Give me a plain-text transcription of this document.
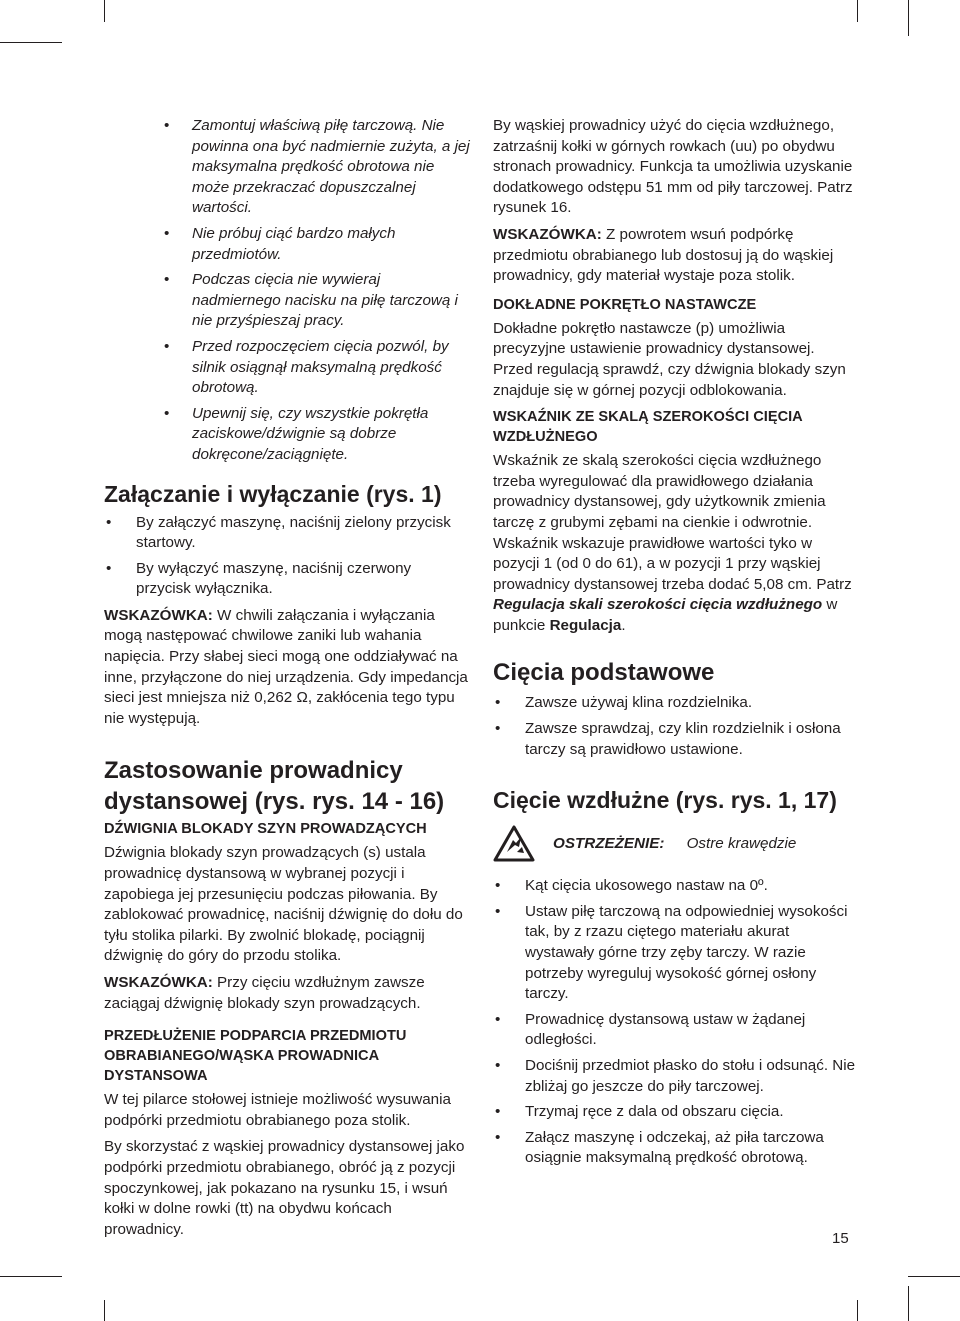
• Zamontuj właściwą piłę tarczową. Nie powinna ona być nadmiernie zużyta, a jej maksymalna prędkość obrotowa nie może przekraczać dopuszczalnej wartości.
• Nie próbuj ciąć bardzo małych przedmiotów.
• Podczas cięcia nie wywieraj nadmiernego nacisku na piłę tarczową i nie przyśpieszaj pracy.
• Przed rozpoczęciem cięcia pozwól, by silnik osiągnął maksymalną prędkość obrotową.
• Upewnij się, czy wszystkie pokrętła zaciskowe/dźwignie są dobrze dokręcone/zaciągnięte.
Załączanie i wyłączanie (rys. 1)
• By załączyć maszynę, naciśnij zielony przycisk startowy.
• By wyłączyć maszynę, naciśnij czerwony przycisk wyłącznika.

WSKAZÓWKA: W chwili załączania i wyłączania mogą następować chwilowe zaniki lub wahania napięcia. Przy słabej sieci mogą one oddziaływać na inne, przyłączone do niej urządzenia. Gdy impedancja sieci jest mniejsza niż 0,262 Ω, zakłócenia tego typu nie występują.

Zastosowanie prowadnicy dystansowej (rys. rys. 14 - 16)
DŹWIGNIA BLOKADY SZYN PROWADZĄCYCH

Dźwignia blokady szyn prowadzących (s) ustala prowadnicę dystansową w wybranej pozycji i zapobiega jej przesunięciu podczas piłowania. By zablokować prowadnicę, naciśnij dźwignię do dołu do tyłu stolika pilarki. By zwolnić blokadę, pociągnij dźwignię do góry do przodu stolika.

WSKAZÓWKA: Przy cięciu wzdłużnym zawsze zaciągaj dźwignię blokady szyn prowadzących.

PRZEDŁUŻENIE PODPARCIA PRZEDMIOTU OBRABIANEGO/WĄSKA PROWADNICA DYSTANSOWA

W tej pilarce stołowej istnieje możliwość wysuwania podpórki przedmiotu obrabianego poza stolik.

By skorzystać z wąskiej prowadnicy dystansowej jako podpórki przedmiotu obrabianego, obróć ją z pozycji spoczynkowej, jak pokazano na rysunku 15, i wsuń kołki w dolne rowki (tt) na obydwu końcach prowadnicy.

By wąskiej prowadnicy użyć do cięcia wzdłużnego, zatrzaśnij kołki w górnych rowkach (uu) po obydwu stronach prowadnicy. Funkcja ta umożliwia uzyskanie dodatkowego odstępu 51 mm od piły tarczowej. Patrz rysunek 16.

WSKAZÓWKA: Z powrotem wsuń podpórkę przedmiotu obrabianego lub dostosuj ją do wąskiej prowadnicy, gdy materiał wystaje poza stolik.

DOKŁADNE POKRĘTŁO NASTAWCZE

Dokładne pokrętło nastawcze (p) umożliwia precyzyjne ustawienie prowadnicy dystansowej. Przed regulacją sprawdź, czy dźwignia blokady szyn znajduje się w górnej pozycji odblokowania.

WSKAŹNIK ZE SKALĄ SZEROKOŚCI CIĘCIA WZDŁUŻNEGO

Wskaźnik ze skalą szerokości cięcia wzdłużnego trzeba wyregulować dla prawidłowego działania prowadnicy dystansowej, gdy użytkownik zmienia tarczę z grubymi zębami na cienkie i odwrotnie. Wskaźnik wskazuje prawidłowe wartości tyko w pozycji 1 (od 0 do 61), a w pozycji 1 przy wąskiej prowadnicy dystansowej trzeba dodać 5,08 cm. Patrz Regulacja skali szerokości cięcia wzdłużnego w punkcie Regulacja.

Cięcia podstawowe
• Zawsze używaj klina rozdzielnika.
• Zawsze sprawdzaj, czy klin rozdzielnik i osłona tarczy są prawidłowo ustawione.
Cięcie wzdłużne (rys. rys. 1, 17)
OSTRZEŻENIE: Ostre krawędzie
• Kąt cięcia ukosowego nastaw na 0º.
• Ustaw piłę tarczową na odpowiedniej wysokości tak, by z rzazu ciętego materiału akurat wystawały górne trzy zęby tarczy. W razie potrzeby wyreguluj wysokość górnej osłony tarczy.
• Prowadnicę dystansową ustaw w żądanej odległości.
• Dociśnij przedmiot płasko do stołu i odsunąć. Nie zbliżaj go jeszcze do piły tarczowej.
• Trzymaj ręce z dala od obszaru cięcia.
• Załącz maszynę i odczekaj, aż piła tarczowa osiągnie maksymalną prędkość obrotową.
15
